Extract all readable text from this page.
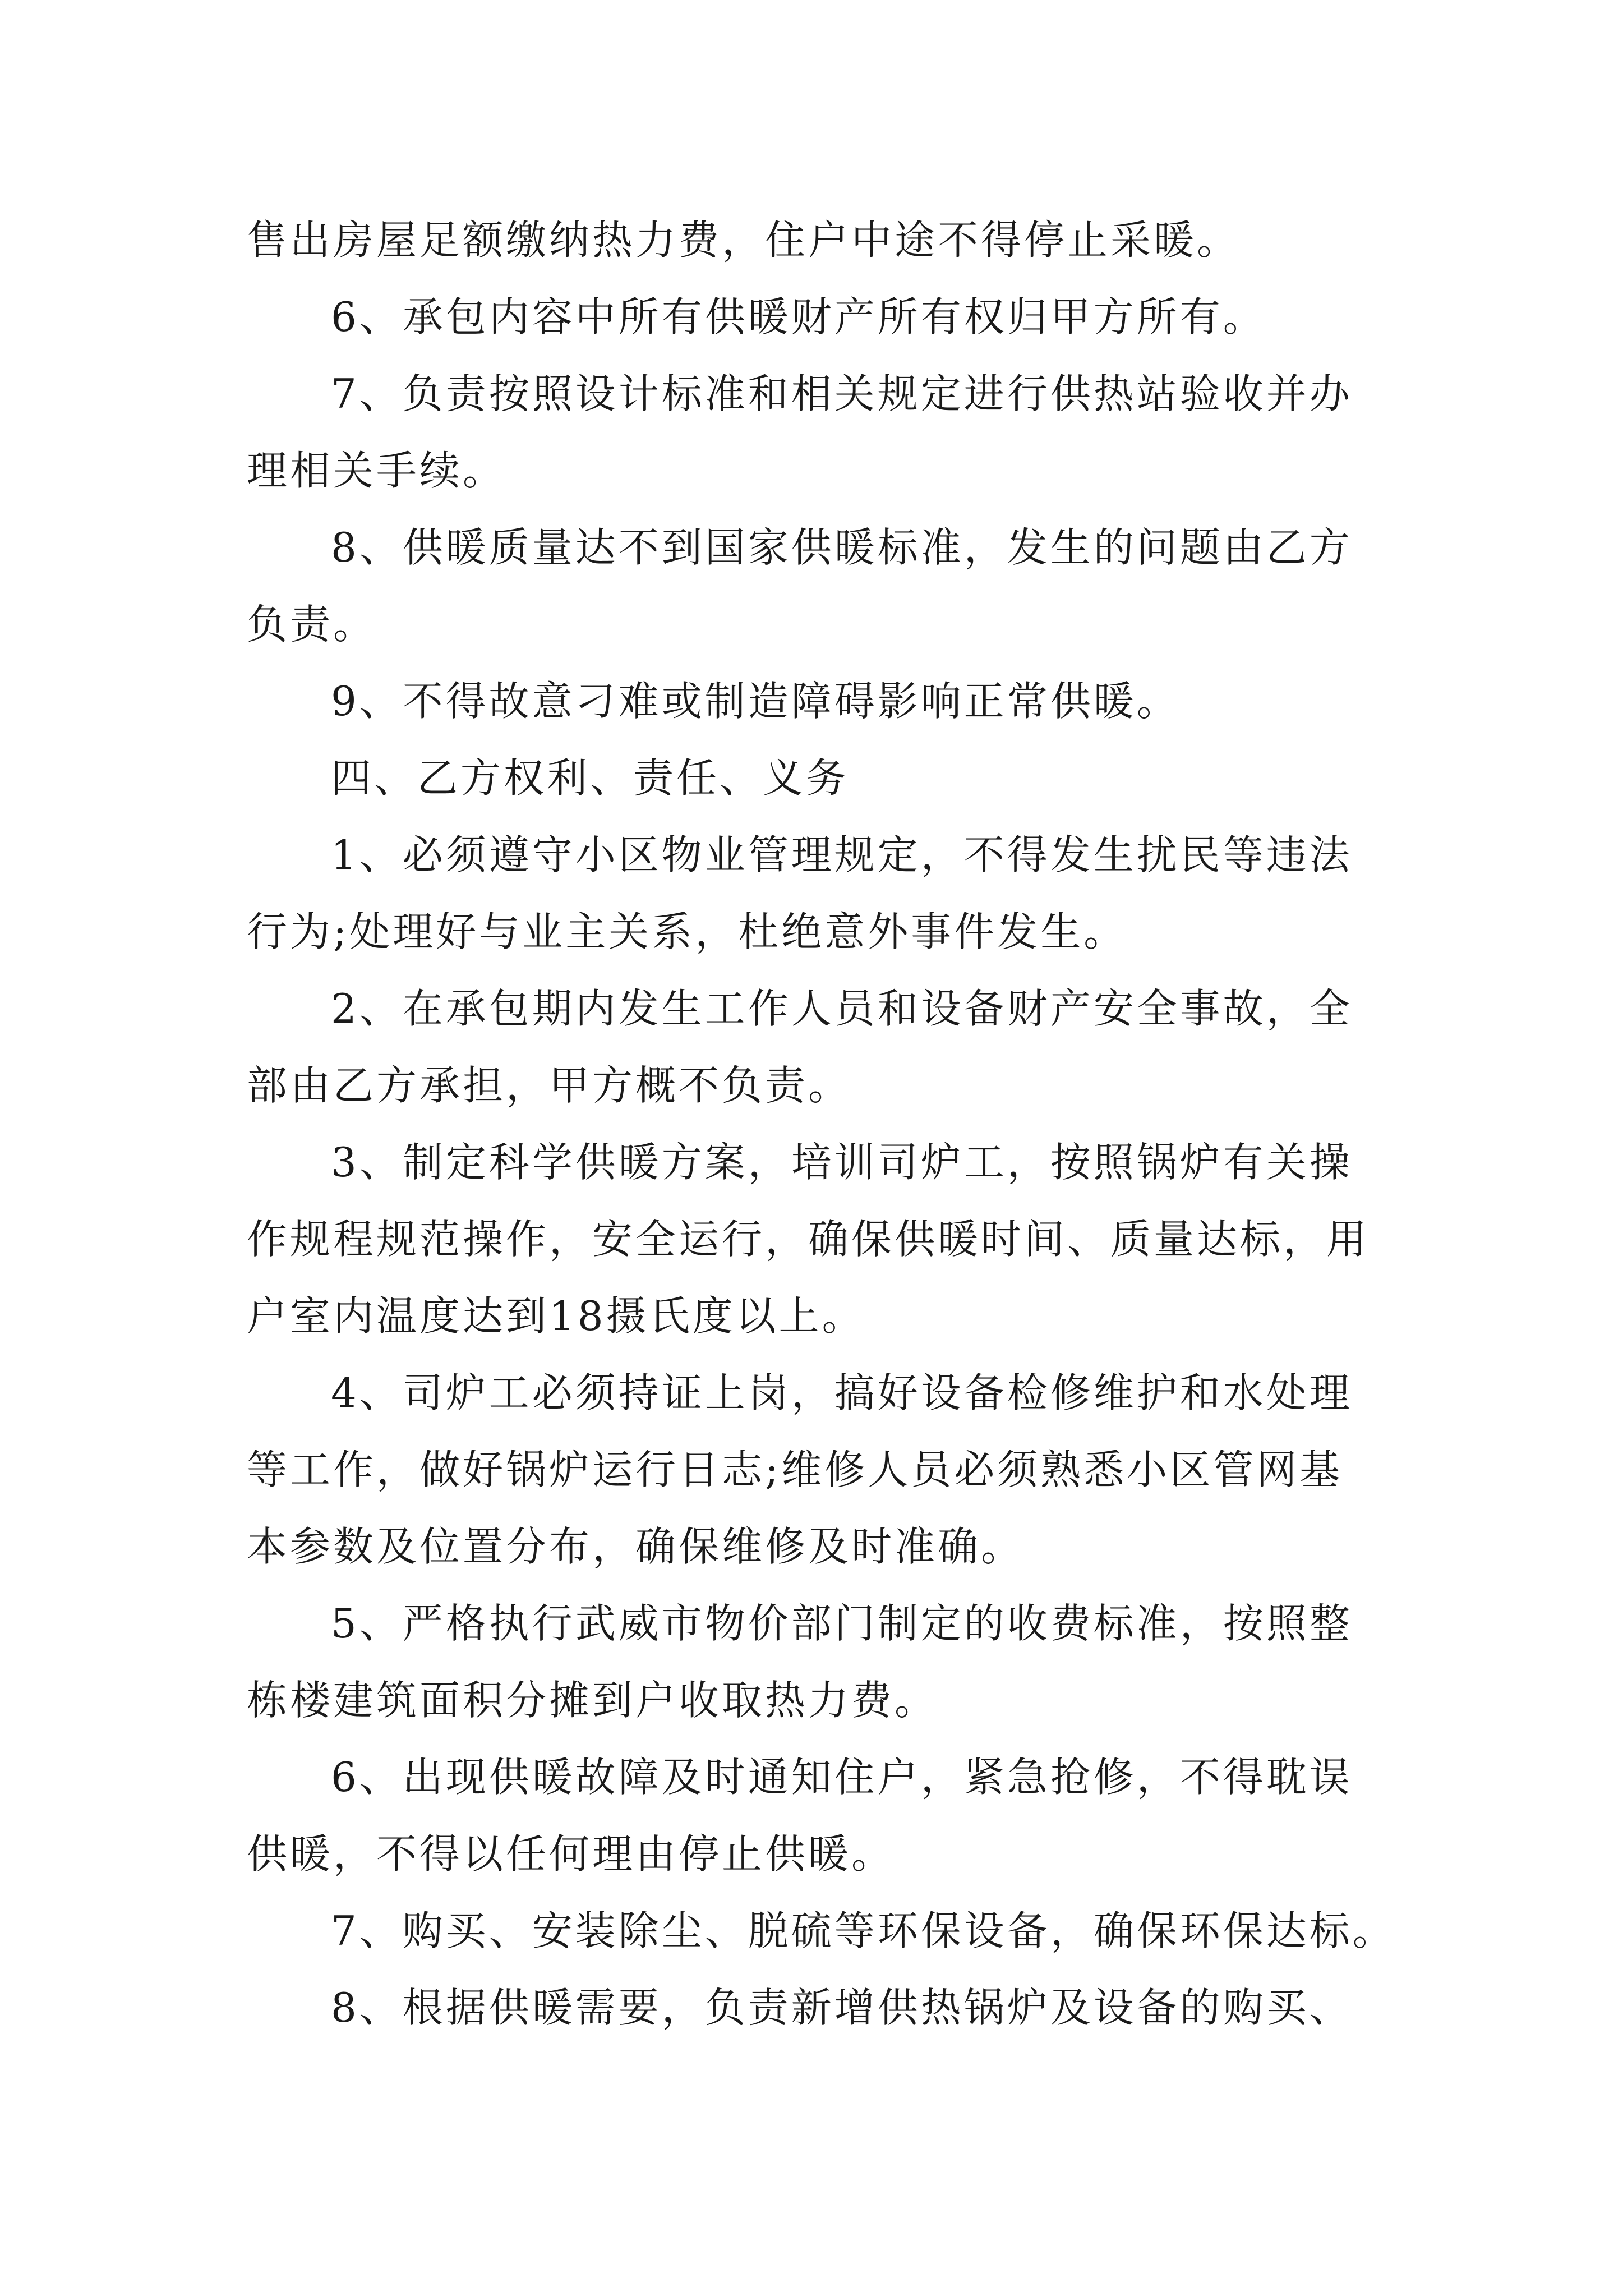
售出房屋足额缴纳热力费，住户中途不得停止采暖。
6、承包内容中所有供暖财产所有权归甲方所有。
7、负责按照设计标准和相关规定进行供热站验收并办
理相关手续。
8、供暖质量达不到国家供暖标准，发生的问题由乙方
负责。
9、不得故意刁难或制造障碍影响正常供暖。
四、乙方权利、责任、义务
1、必须遵守小区物业管理规定，不得发生扰民等违法
行为;处理好与业主关系，杜绝意外事件发生。
2、在承包期内发生工作人员和设备财产安全事故，全
部由乙方承担，甲方概不负责。
3、制定科学供暖方案，培训司炉工，按照锅炉有关操
作规程规范操作，安全运行，确保供暖时间、质量达标，用
户室内温度达到18摄氏度以上。
4、司炉工必须持证上岗，搞好设备检修维护和水处理
等工作，做好锅炉运行日志;维修人员必须熟悉小区管网基
本参数及位置分布，确保维修及时准确。
5、严格执行武威市物价部门制定的收费标准，按照整
栋楼建筑面积分摊到户收取热力费。
6、出现供暖故障及时通知住户，紧急抢修，不得耽误
供暖，不得以任何理由停止供暖。
7、购买、安装除尘、脱硫等环保设备，确保环保达标。
8、根据供暖需要，负责新增供热锅炉及设备的购买、
